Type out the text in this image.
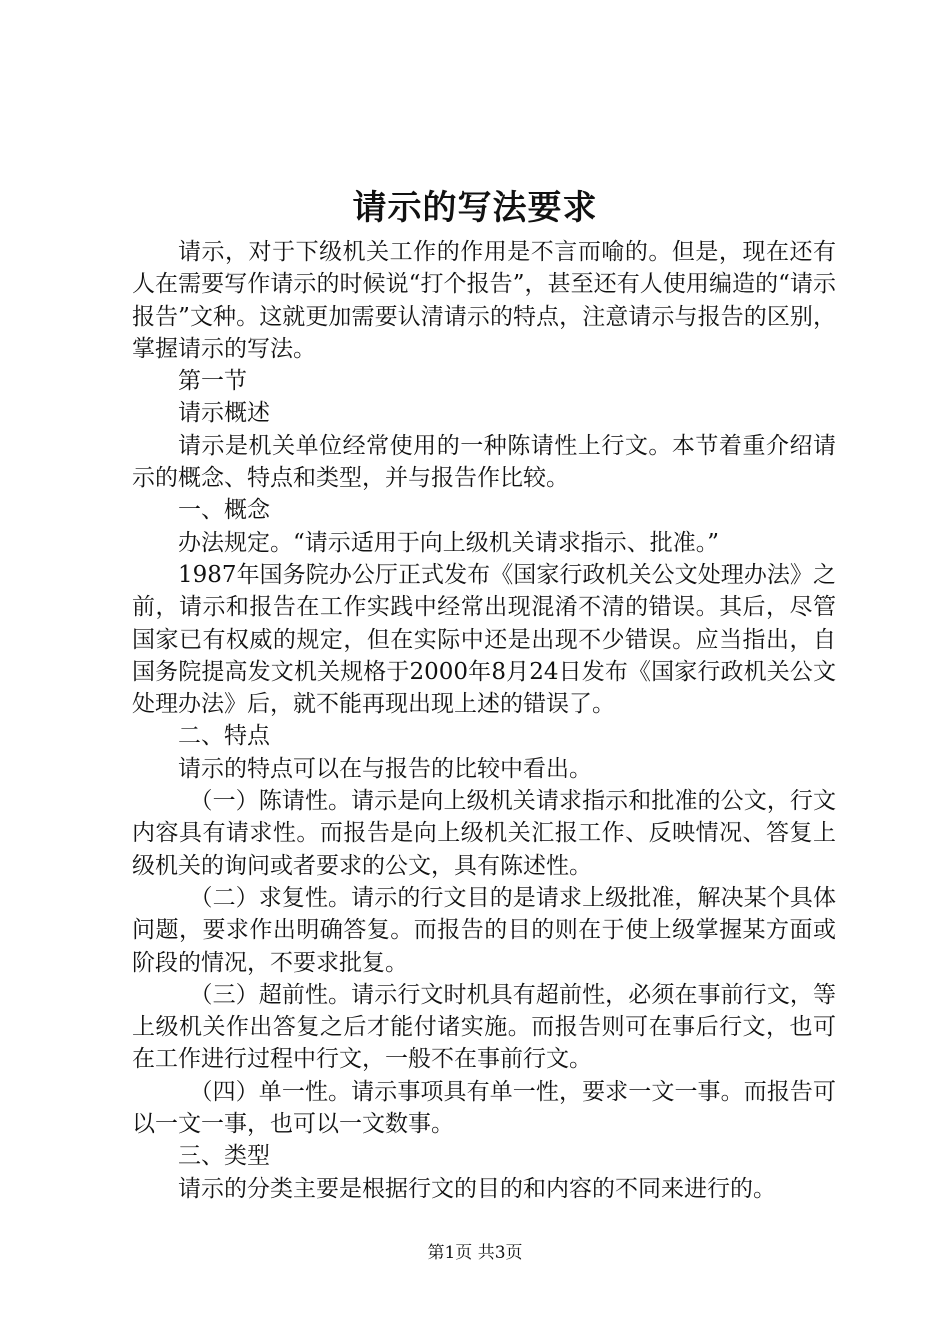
请示的写法要求

请示，对于下级机关工作的作用是不言而喻的。但是，现在还有人在需要写作请示的时候说“打个报告”，甚至还有人使用编造的“请示报告”文种。这就更加需要认清请示的特点，注意请示与报告的区别，掌握请示的写法。

第一节

请示概述

请示是机关单位经常使用的一种陈请性上行文。本节着重介绍请示的概念、特点和类型，并与报告作比较。

一、概念

办法规定。“请示适用于向上级机关请求指示、批准。”

1987年国务院办公厅正式发布《国家行政机关公文处理办法》之前，请示和报告在工作实践中经常出现混淆不清的错误。其后，尽管国家已有权威的规定，但在实际中还是出现不少错误。应当指出，自国务院提高发文机关规格于2000年8月24日发布《国家行政机关公文处理办法》后，就不能再现出现上述的错误了。

二、特点

请示的特点可以在与报告的比较中看出。

（一）陈请性。请示是向上级机关请求指示和批准的公文，行文内容具有请求性。而报告是向上级机关汇报工作、反映情况、答复上级机关的询问或者要求的公文，具有陈述性。

（二）求复性。请示的行文目的是请求上级批准，解决某个具体问题，要求作出明确答复。而报告的目的则在于使上级掌握某方面或阶段的情况，不要求批复。

（三）超前性。请示行文时机具有超前性，必须在事前行文，等上级机关作出答复之后才能付诸实施。而报告则可在事后行文，也可在工作进行过程中行文，一般不在事前行文。

（四）单一性。请示事项具有单一性，要求一文一事。而报告可以一文一事，也可以一文数事。

三、类型

请示的分类主要是根据行文的目的和内容的不同来进行的。

第1页 共3页
